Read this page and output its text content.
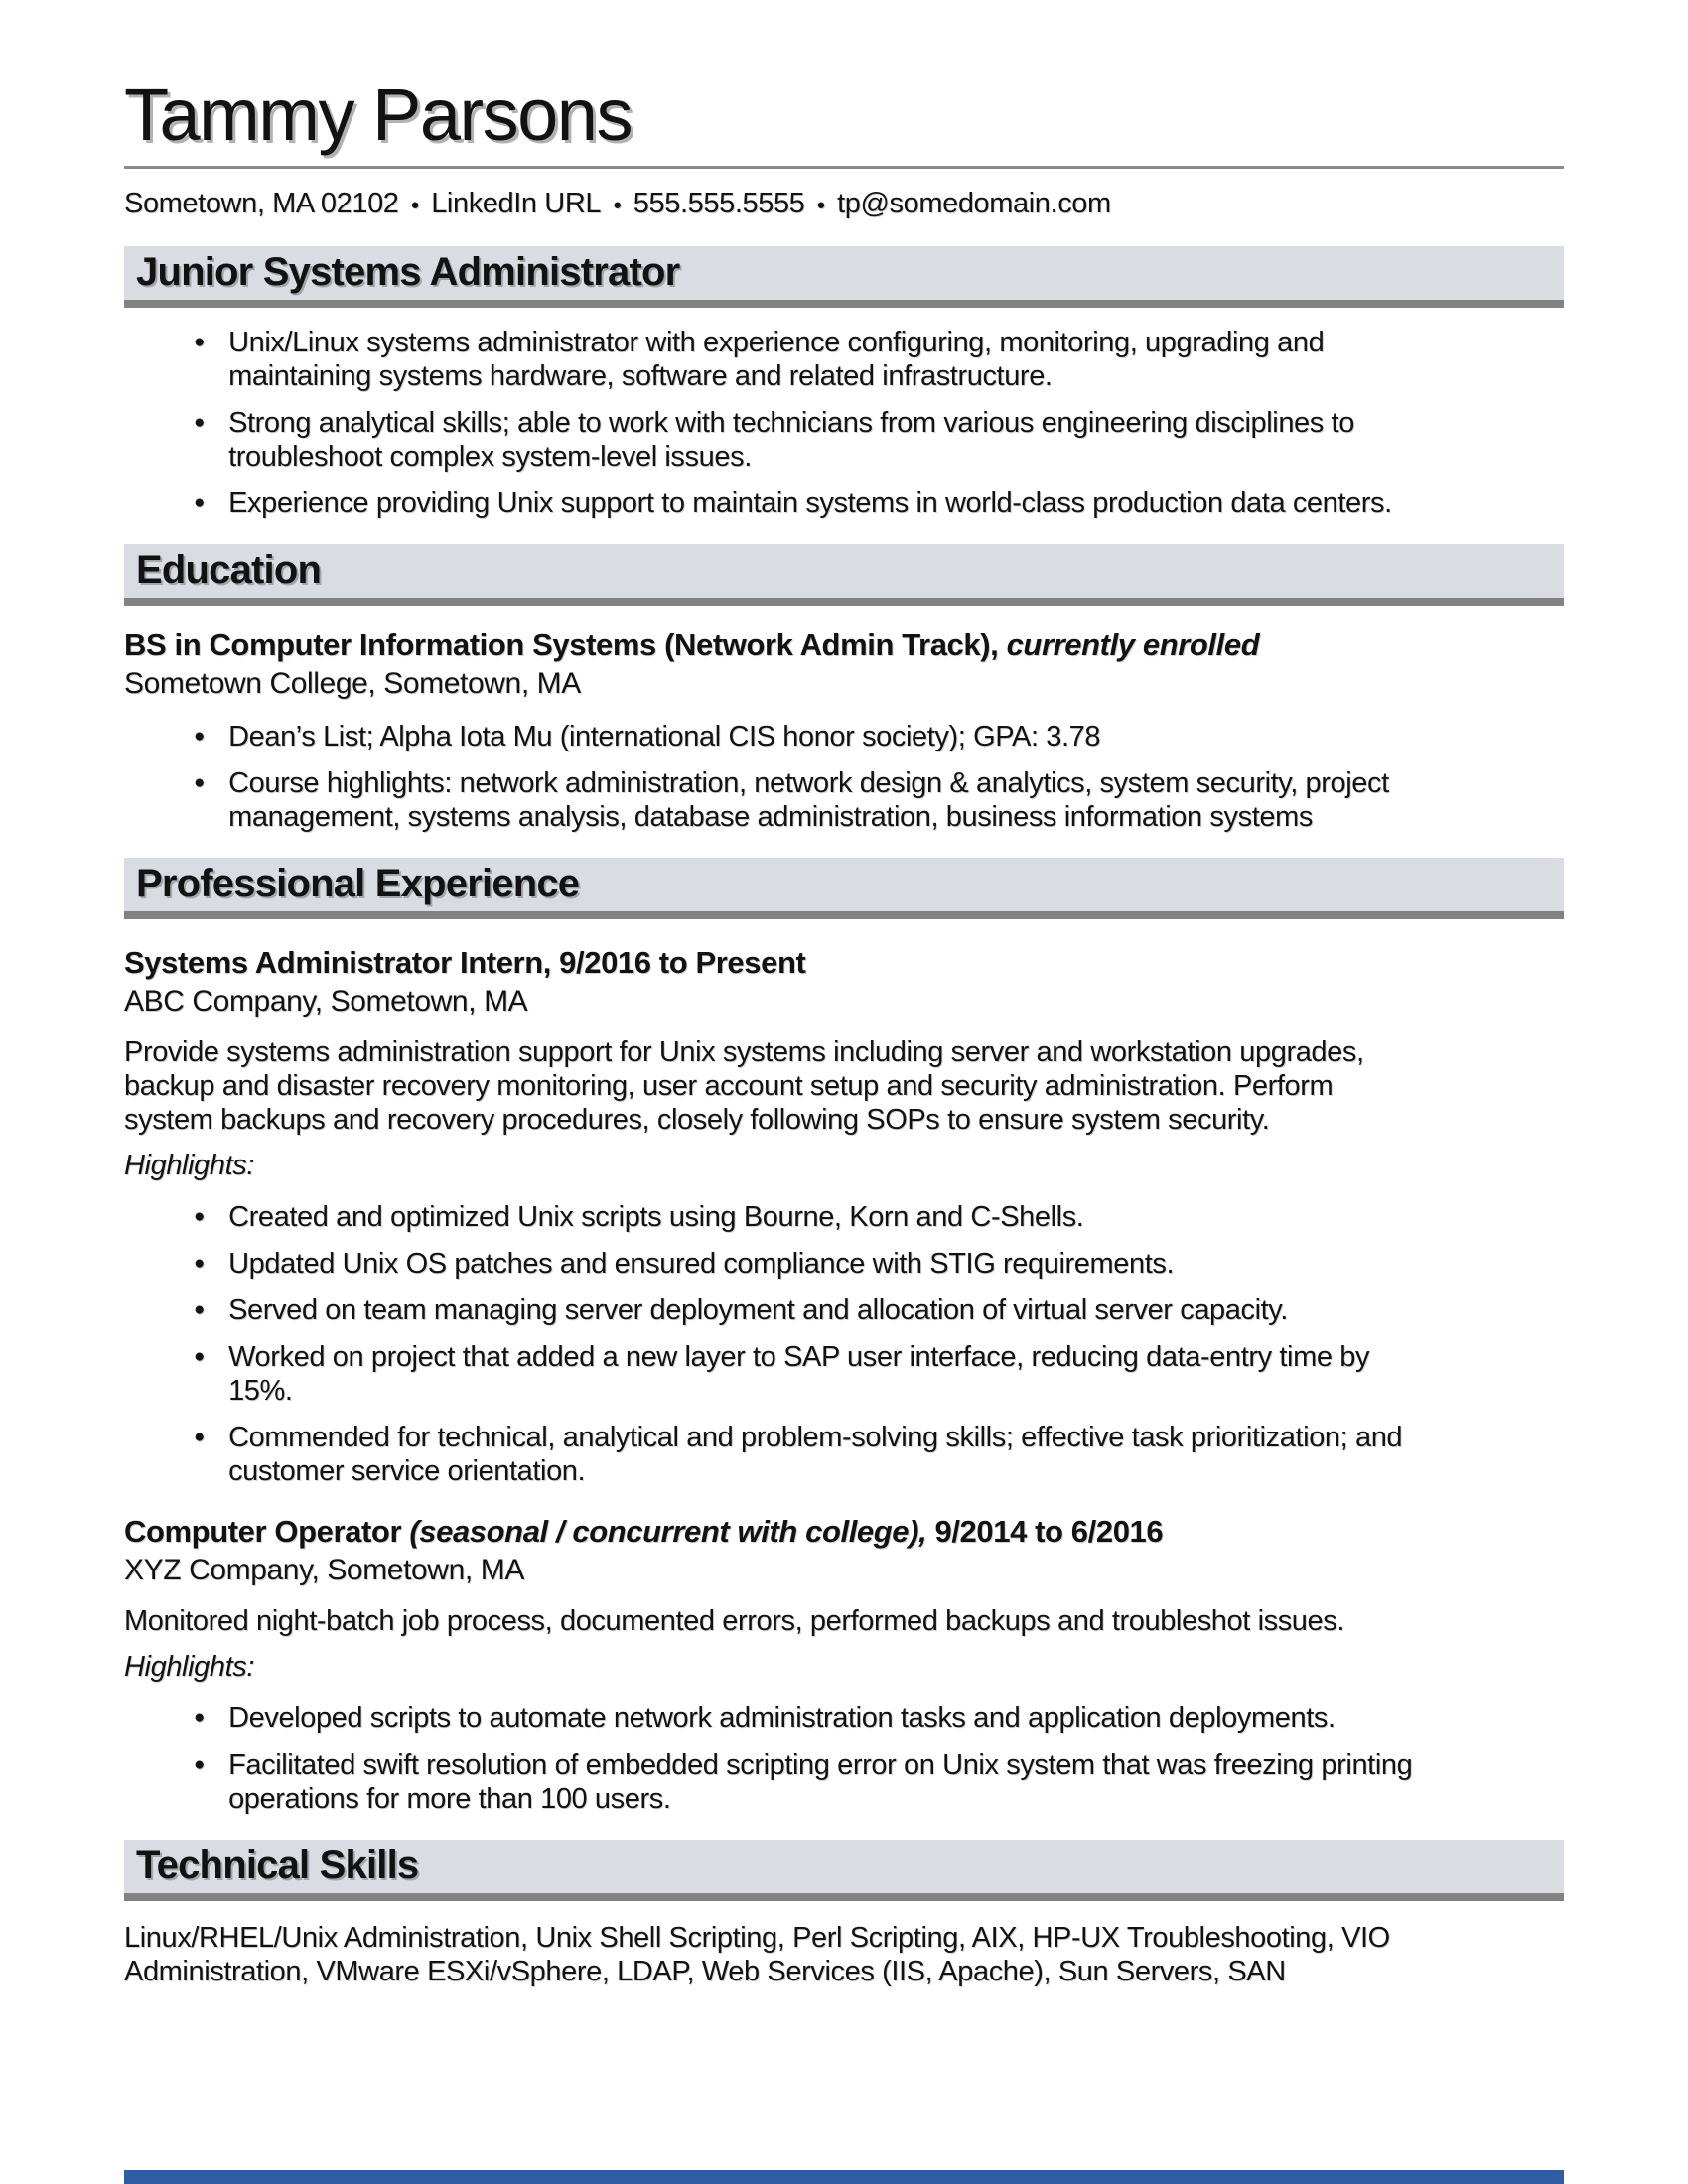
Tammy Parsons
Sometown, MA 02102 ● LinkedIn URL ● 555.555.5555 ● tp@somedomain.com
Junior Systems Administrator
● Unix/Linux systems administrator with experience configuring, monitoring, upgrading and maintaining systems hardware, software and related infrastructure.
● Strong analytical skills; able to work with technicians from various engineering disciplines to troubleshoot complex system-level issues.
● Experience providing Unix support to maintain systems in world-class production data centers.
Education
BS in Computer Information Systems (Network Admin Track), currently enrolled
Sometown College, Sometown, MA
● Dean’s List; Alpha Iota Mu (international CIS honor society); GPA: 3.78
● Course highlights: network administration, network design & analytics, system security, project management, systems analysis, database administration, business information systems
Professional Experience
Systems Administrator Intern, 9/2016 to Present
ABC Company, Sometown, MA
Provide systems administration support for Unix systems including server and workstation upgrades, backup and disaster recovery monitoring, user account setup and security administration. Perform system backups and recovery procedures, closely following SOPs to ensure system security.
Highlights:
● Created and optimized Unix scripts using Bourne, Korn and C-Shells.
● Updated Unix OS patches and ensured compliance with STIG requirements.
● Served on team managing server deployment and allocation of virtual server capacity.
● Worked on project that added a new layer to SAP user interface, reducing data-entry time by 15%.
● Commended for technical, analytical and problem-solving skills; effective task prioritization; and customer service orientation.
Computer Operator (seasonal / concurrent with college), 9/2014 to 6/2016
XYZ Company, Sometown, MA
Monitored night-batch job process, documented errors, performed backups and troubleshot issues.
Highlights:
● Developed scripts to automate network administration tasks and application deployments.
● Facilitated swift resolution of embedded scripting error on Unix system that was freezing printing operations for more than 100 users.
Technical Skills
Linux/RHEL/Unix Administration, Unix Shell Scripting, Perl Scripting, AIX, HP-UX Troubleshooting, VIO Administration, VMware ESXi/vSphere, LDAP, Web Services (IIS, Apache), Sun Servers, SAN
